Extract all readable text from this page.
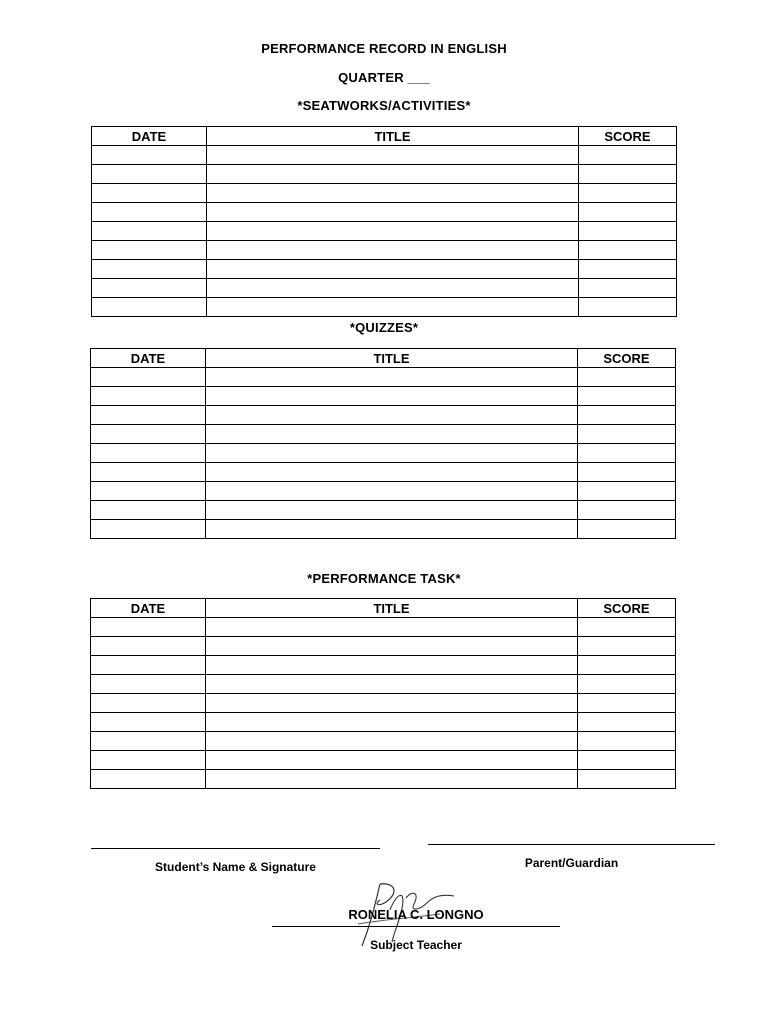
PERFORMANCE RECORD IN ENGLISH
QUARTER ___
*SEATWORKS/ACTIVITIES*
DATE	TITLE	SCORE

*QUIZZES*
DATE	TITLE	SCORE

*PERFORMANCE TASK*
DATE	TITLE	SCORE

Student’s Name & Signature	Parent/Guardian
RONELIA C. LONGNO
Subject Teacher
